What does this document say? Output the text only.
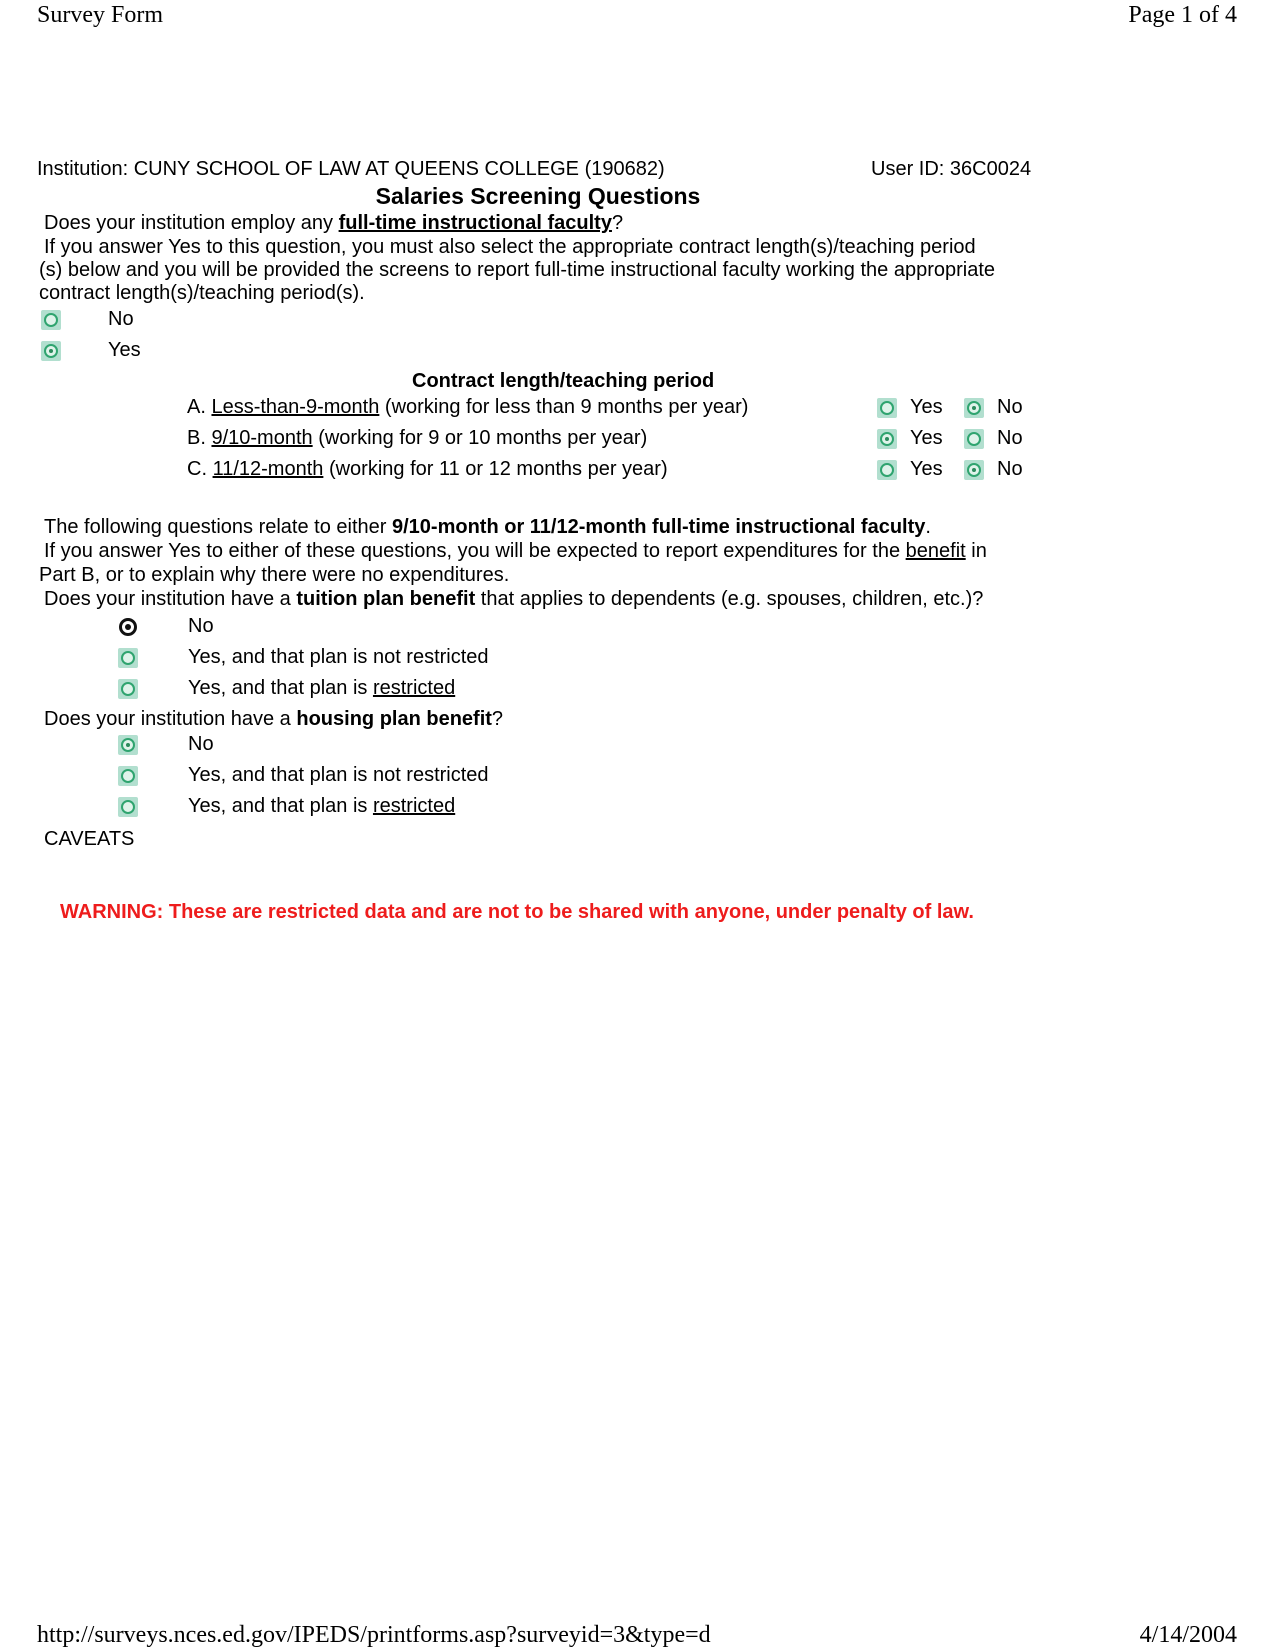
Survey Form	Page 1 of 4
http://surveys.nces.ed.gov/IPEDS/printforms.asp?surveyid=3&type=d	4/14/2004
Institution: CUNY SCHOOL OF LAW AT QUEENS COLLEGE (190682)	User ID: 36C0024
Salaries Screening Questions
Does your institution employ any full-time instructional faculty?
If you answer Yes to this question, you must also select the appropriate contract length(s)/teaching period
(s) below and you will be provided the screens to report full-time instructional faculty working the appropriate
contract length(s)/teaching period(s).
No
Yes
Contract length/teaching period
A. Less-than-9-month (working for less than 9 months per year)	Yes	No
B. 9/10-month (working for 9 or 10 months per year)	Yes	No
C. 11/12-month (working for 11 or 12 months per year)	Yes	No
The following questions relate to either 9/10-month or 11/12-month full-time instructional faculty.
If you answer Yes to either of these questions, you will be expected to report expenditures for the benefit in
Part B, or to explain why there were no expenditures.
Does your institution have a tuition plan benefit that applies to dependents (e.g. spouses, children, etc.)?
No
Yes, and that plan is not restricted
Yes, and that plan is restricted
Does your institution have a housing plan benefit?
No
Yes, and that plan is not restricted
Yes, and that plan is restricted
CAVEATS
WARNING: These are restricted data and are not to be shared with anyone, under penalty of law.
